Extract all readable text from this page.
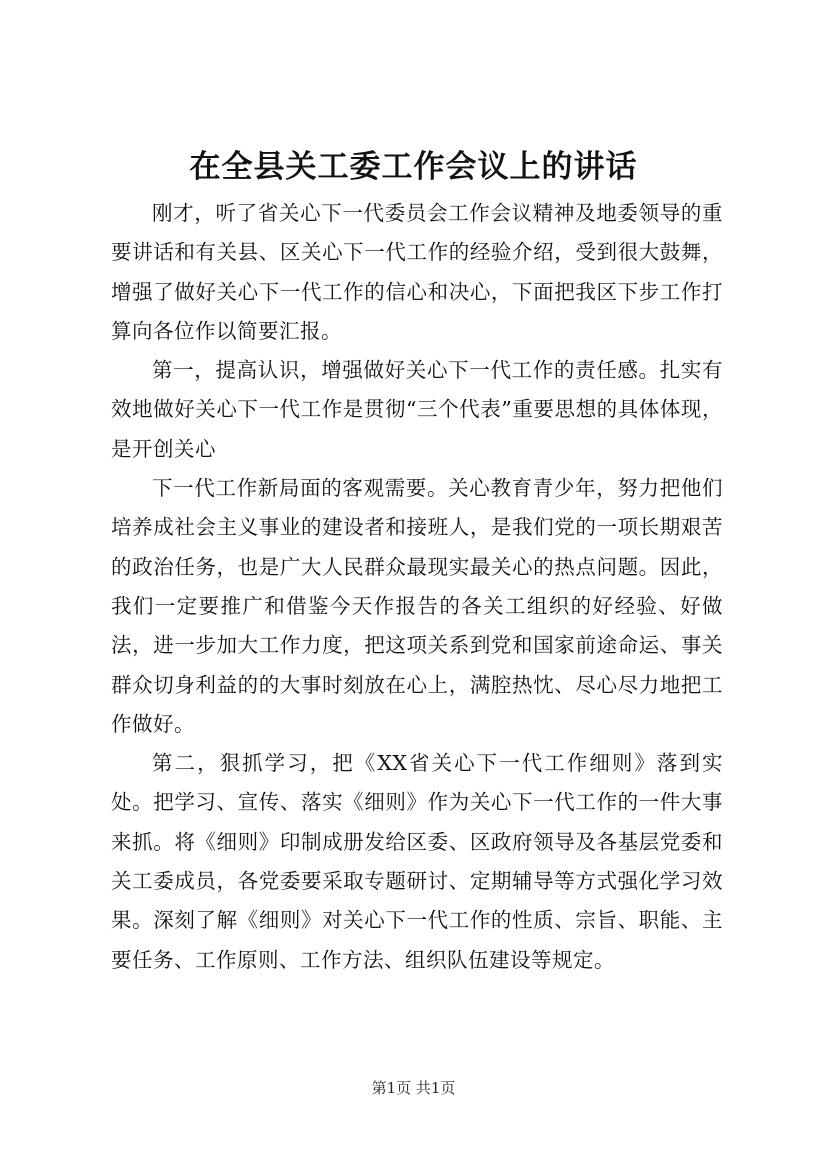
在全县关工委工作会议上的讲话

刚才，听了省关心下一代委员会工作会议精神及地委领导的重要讲话和有关县、区关心下一代工作的经验介绍，受到很大鼓舞，增强了做好关心下一代工作的信心和决心，下面把我区下步工作打算向各位作以简要汇报。

第一，提高认识，增强做好关心下一代工作的责任感。扎实有效地做好关心下一代工作是贯彻“三个代表”重要思想的具体体现，是开创关心

下一代工作新局面的客观需要。关心教育青少年，努力把他们培养成社会主义事业的建设者和接班人，是我们党的一项长期艰苦的政治任务，也是广大人民群众最现实最关心的热点问题。因此，我们一定要推广和借鉴今天作报告的各关工组织的好经验、好做法，进一步加大工作力度，把这项关系到党和国家前途命运、事关群众切身利益的的大事时刻放在心上，满腔热忱、尽心尽力地把工作做好。

第二，狠抓学习，把《XX省关心下一代工作细则》落到实处。把学习、宣传、落实《细则》作为关心下一代工作的一件大事来抓。将《细则》印制成册发给区委、区政府领导及各基层党委和关工委成员，各党委要采取专题研讨、定期辅导等方式强化学习效果。深刻了解《细则》对关心下一代工作的性质、宗旨、职能、主要任务、工作原则、工作方法、组织队伍建设等规定。

第1页 共1页
